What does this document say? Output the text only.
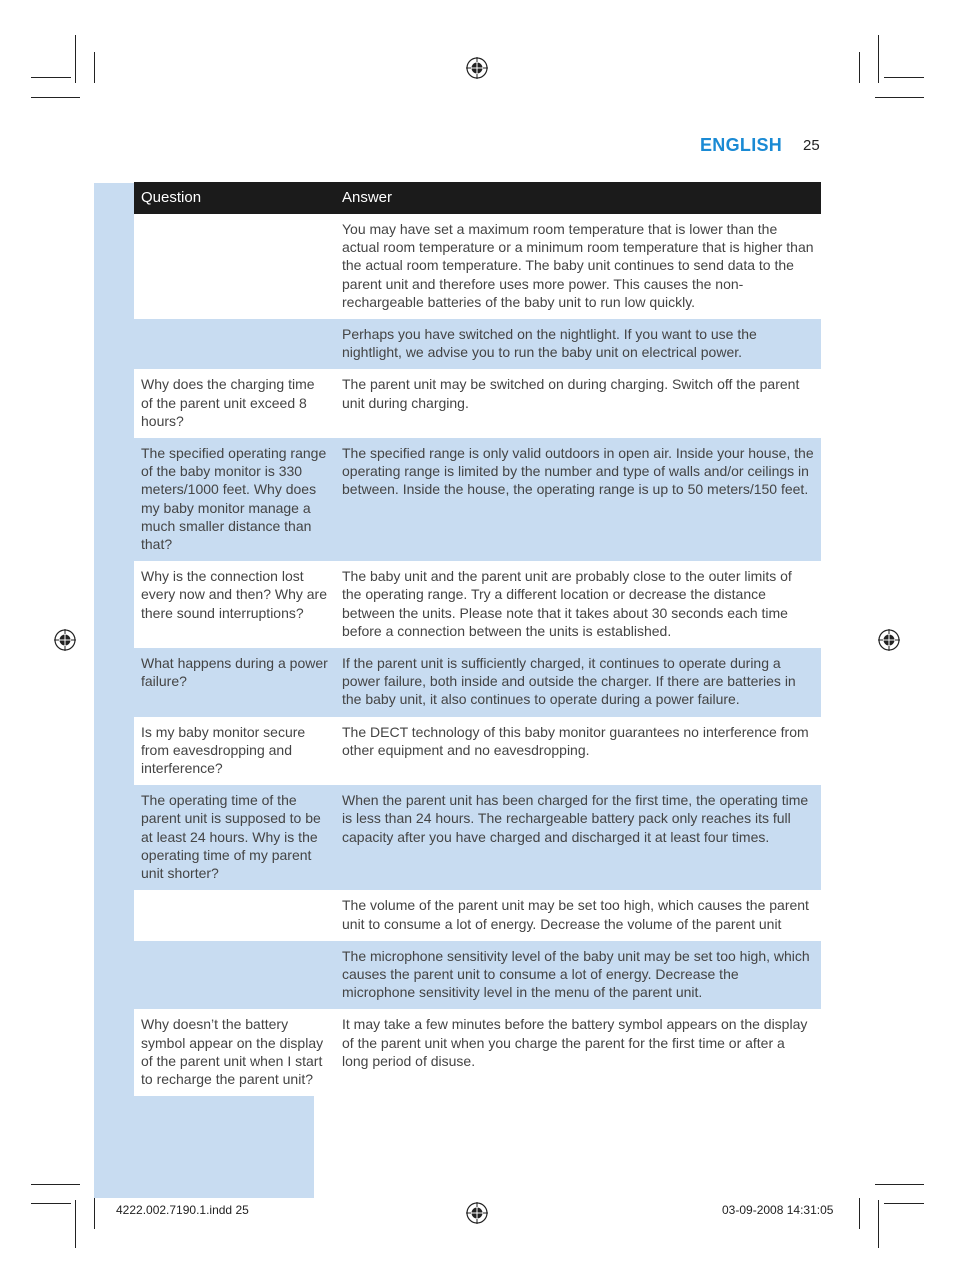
ENGLISH 25
Question	Answer
	You may have set a maximum room temperature that is lower than the actual room temperature or a minimum room temperature that is higher than the actual room temperature. The baby unit continues to send data to the parent unit and therefore uses more power. This causes the non-rechargeable batteries of the baby unit to run low quickly.
	Perhaps you have switched on the nightlight. If you want to use the nightlight, we advise you to run the baby unit on electrical power.
Why does the charging time of the parent unit exceed 8 hours?	The parent unit may be switched on during charging. Switch off the parent unit during charging.
The specified operating range of the baby monitor is 330 meters/1000 feet. Why does my baby monitor manage a much smaller distance than that?	The specified range is only valid outdoors in open air. Inside your house, the operating range is limited by the number and type of walls and/or ceilings in between. Inside the house, the operating range is up to 50 meters/150 feet.
Why is the connection lost every now and then? Why are there sound interruptions?	The baby unit and the parent unit are probably close to the outer limits of the operating range. Try a different location or decrease the distance between the units. Please note that it takes about 30 seconds each time before a connection between the units is established.
What happens during a power failure?	If the parent unit is sufficiently charged, it continues to operate during a power failure, both inside and outside the charger. If there are batteries in the baby unit, it also continues to operate during a power failure.
Is my baby monitor secure from eavesdropping and interference?	The DECT technology of this baby monitor guarantees no interference from other equipment and no eavesdropping.
The operating time of the parent unit is supposed to be at least 24 hours. Why is the operating time of my parent unit shorter?	When the parent unit has been charged for the first time, the operating time is less than 24 hours. The rechargeable battery pack only reaches its full capacity after you have charged and discharged it at least four times.
	The volume of the parent unit may be set too high, which causes the parent unit to consume a lot of energy. Decrease the volume of the parent unit
	The microphone sensitivity level of the baby unit may be set too high, which causes the parent unit to consume a lot of energy. Decrease the microphone sensitivity level in the menu of the parent unit.
Why doesn’t the battery symbol appear on the display of the parent unit when I start to recharge the parent unit?	It may take a few minutes before the battery symbol appears on the display of the parent unit when you charge the parent for the first time or after a long period of disuse.
4222.002.7190.1.indd 25	03-09-2008 14:31:05
